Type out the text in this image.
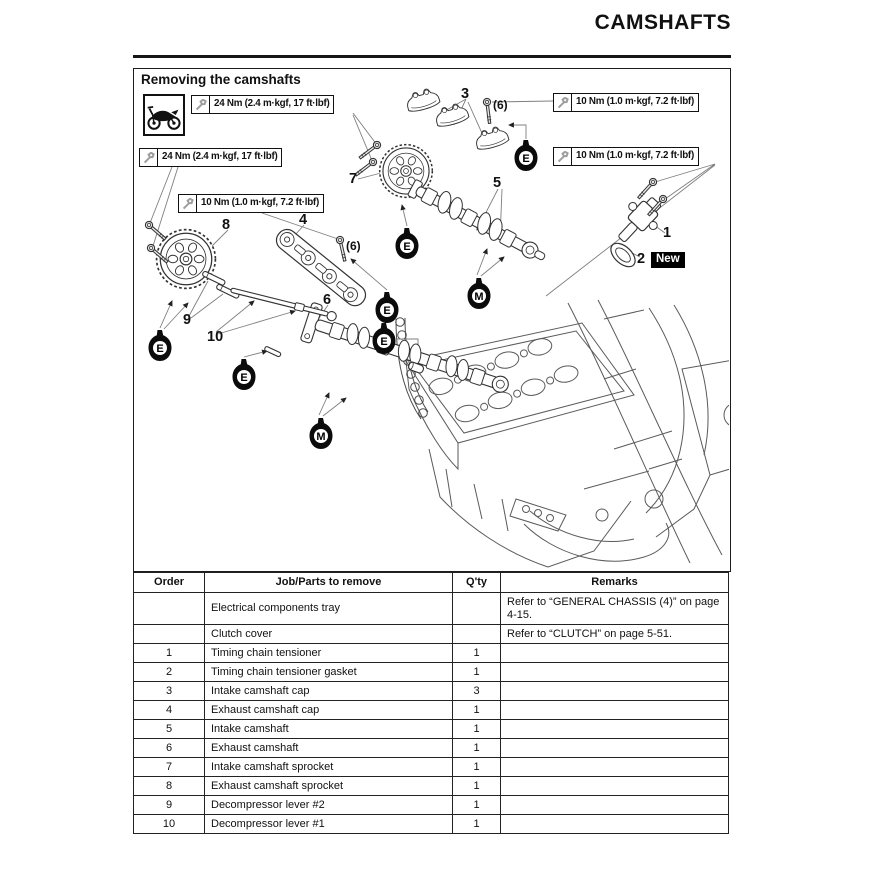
CAMSHAFTS
Removing the camshafts
24 Nm (2.4 m·kgf, 17 ft·lbf)
24 Nm (2.4 m·kgf, 17 ft·lbf)
10 Nm (1.0 m·kgf, 7.2 ft·lbf)
10 Nm (1.0 m·kgf, 7.2 ft·lbf)
10 Nm (1.0 m·kgf, 7.2 ft·lbf)
3
7	5
8	4
6
9
10
1
2
(6)
(6)
New
E
E
E
E
E
E
M
M
Order	Job/Parts to remove	Q'ty	Remarks
	Electrical components tray		Refer to “GENERAL CHASSIS (4)” on page 4-15.
	Clutch cover		Refer to “CLUTCH” on page 5-51.
1	Timing chain tensioner	1	
2	Timing chain tensioner gasket	1	
3	Intake camshaft cap	3	
4	Exhaust camshaft cap	1	
5	Intake camshaft	1	
6	Exhaust camshaft	1	
7	Intake camshaft sprocket	1	
8	Exhaust camshaft sprocket	1	
9	Decompressor lever #2	1	
10	Decompressor lever #1	1	
